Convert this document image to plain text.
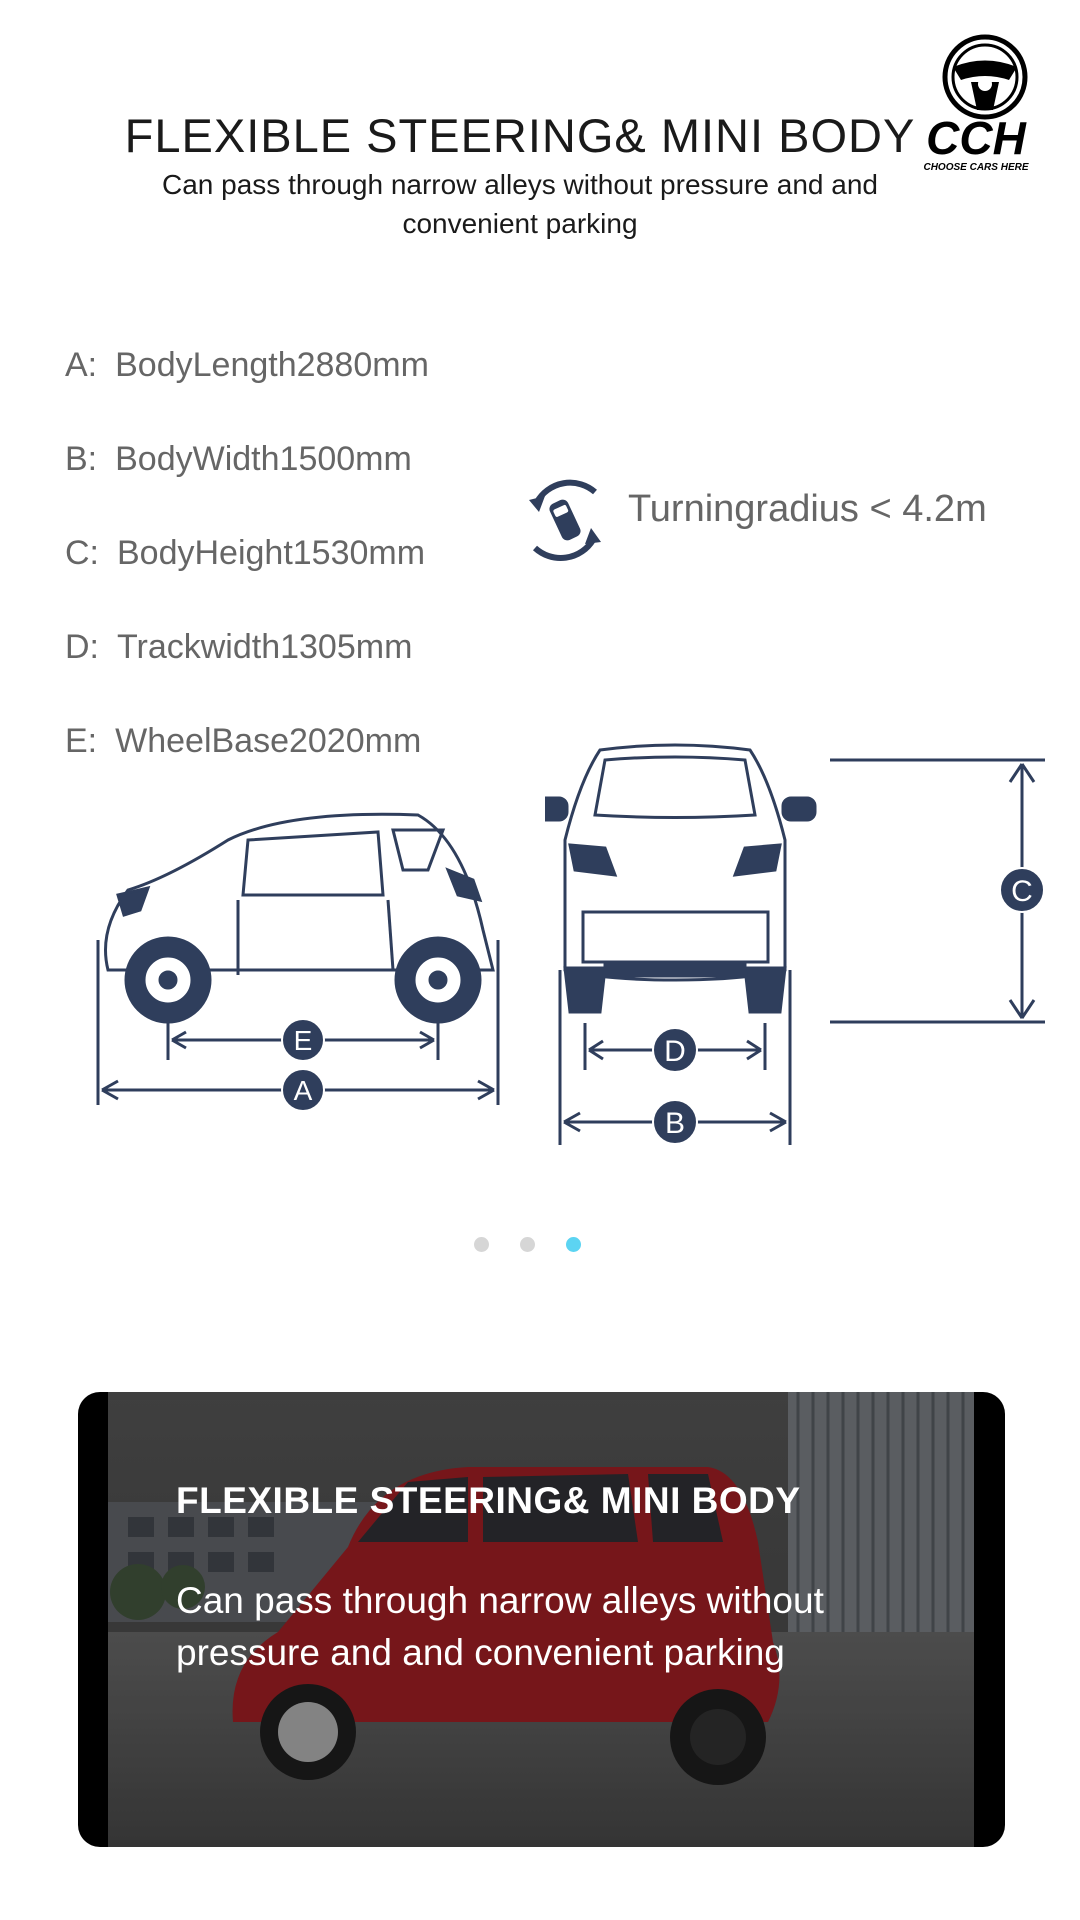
FLEXIBLE STEERING& MINI BODY
Can pass through narrow alleys without pressure and and convenient parking
CCH
CHOOSE CARS HERE
A: BodyLength2880mm
B: BodyWidth1500mm
C: BodyHeight1530mm
D: Trackwidth1305mm
E: WheelBase2020mm
Turningradius < 4.2m
E
A
C
D
B
FLEXIBLE STEERING& MINI BODY
Can pass through narrow alleys without pressure and and convenient parking
